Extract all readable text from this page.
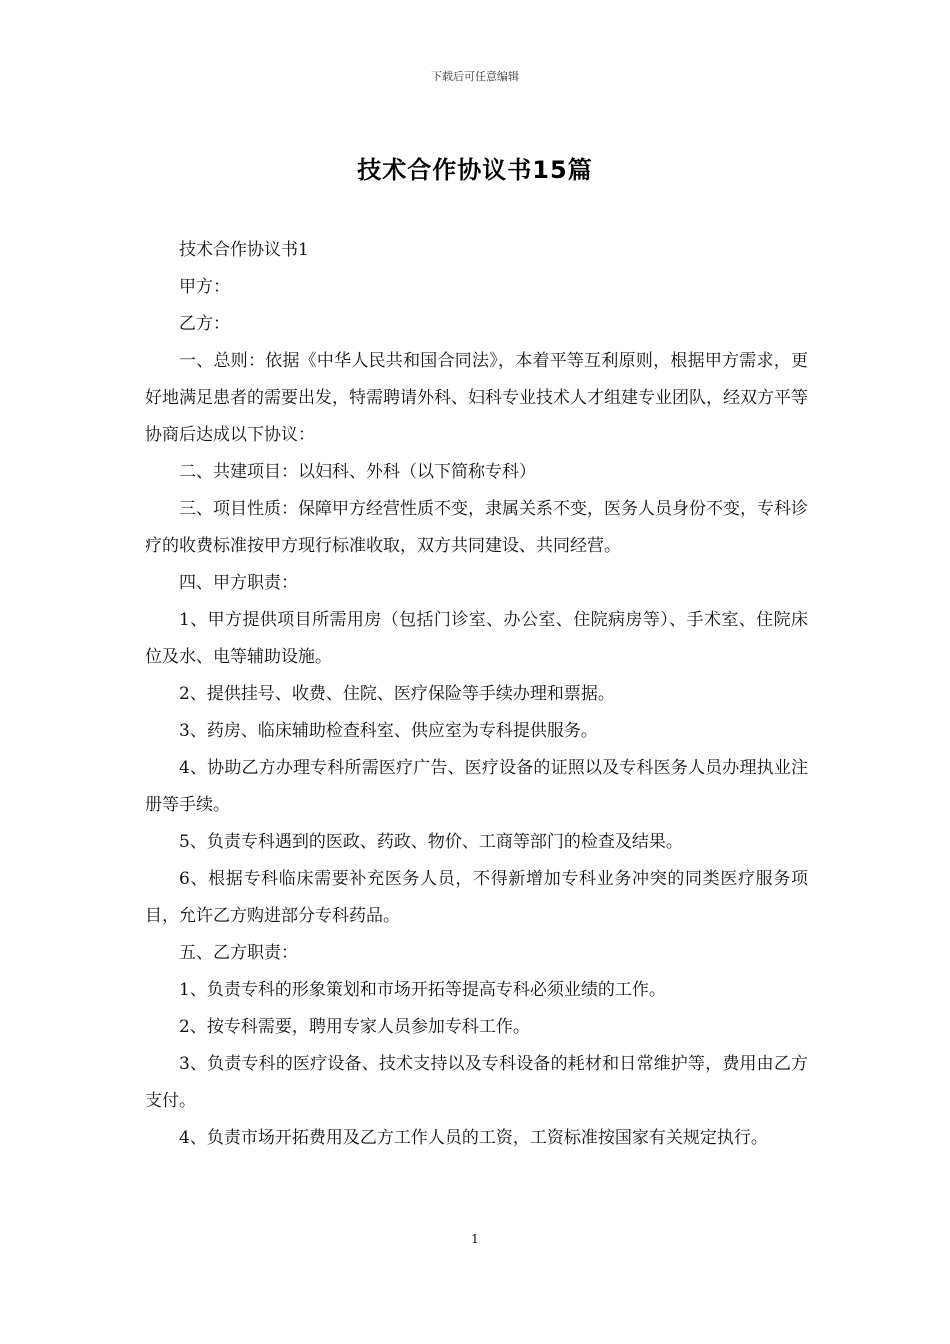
下载后可任意编辑
技术合作协议书15篇

技术合作协议书1

甲方：

乙方：

一、总则：依据《中华人民共和国合同法》，本着平等互利原则，根据甲方需求，更好地满足患者的需要出发，特需聘请外科、妇科专业技术人才组建专业团队，经双方平等协商后达成以下协议：

二、共建项目：以妇科、外科（以下简称专科）

三、项目性质：保障甲方经营性质不变，隶属关系不变，医务人员身份不变，专科诊疗的收费标准按甲方现行标准收取，双方共同建设、共同经营。

四、甲方职责：

1、甲方提供项目所需用房（包括门诊室、办公室、住院病房等）、手术室、住院床位及水、电等辅助设施。

2、提供挂号、收费、住院、医疗保险等手续办理和票据。

3、药房、临床辅助检查科室、供应室为专科提供服务。

4、协助乙方办理专科所需医疗广告、医疗设备的证照以及专科医务人员办理执业注册等手续。

5、负责专科遇到的医政、药政、物价、工商等部门的检查及结果。

6、根据专科临床需要补充医务人员，不得新增加专科业务冲突的同类医疗服务项目，允许乙方购进部分专科药品。

五、乙方职责：

1、负责专科的形象策划和市场开拓等提高专科必须业绩的工作。

2、按专科需要，聘用专家人员参加专科工作。

3、负责专科的医疗设备、技术支持以及专科设备的耗材和日常维护等，费用由乙方支付。

4、负责市场开拓费用及乙方工作人员的工资，工资标准按国家有关规定执行。

1
